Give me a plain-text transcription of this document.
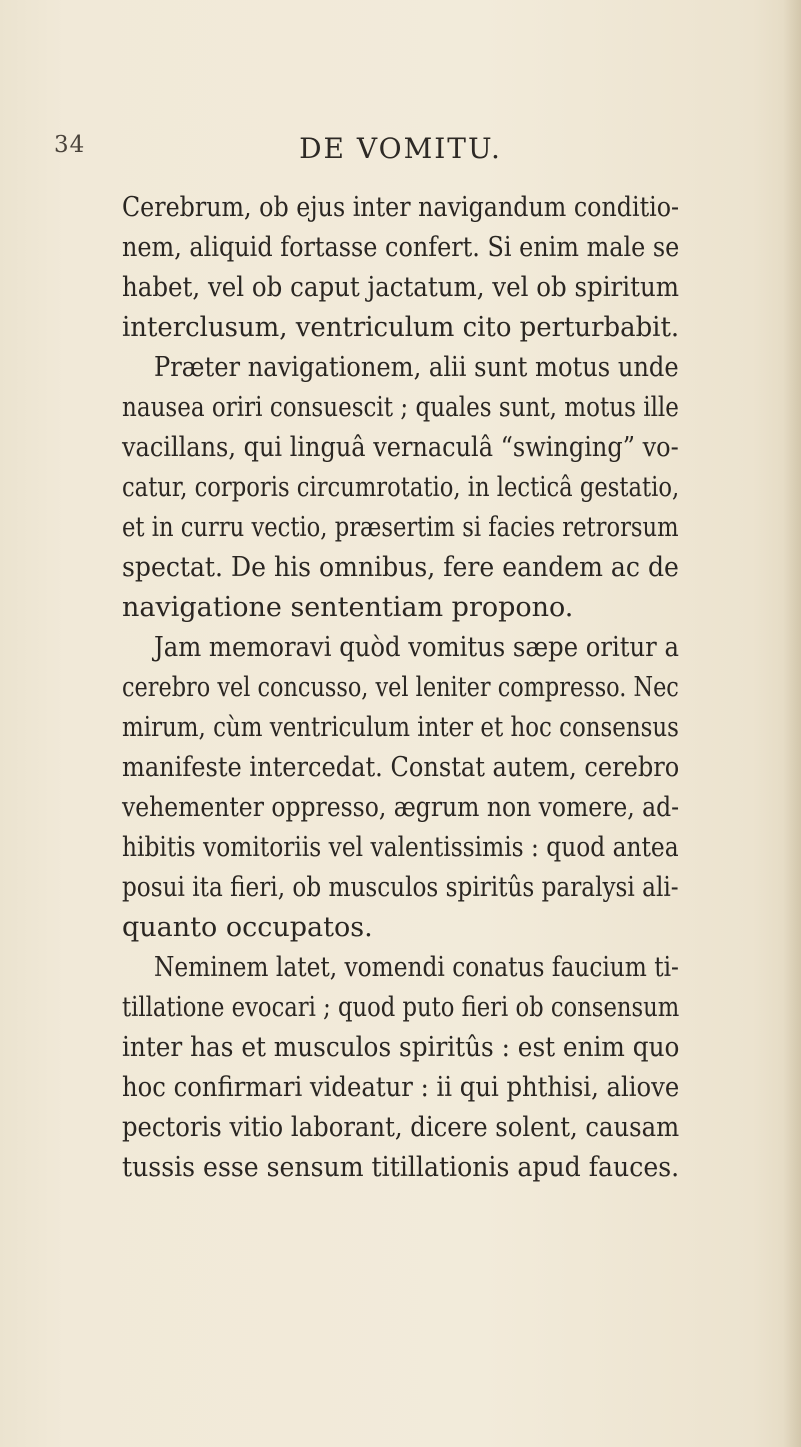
34	DE VOMITU.
Cerebrum, ob ejus inter navigandum conditio-
nem, aliquid fortasse confert. Si enim male se
habet, vel ob caput jactatum, vel ob spiritum
interclusum, ventriculum cito perturbabit.
Præter navigationem, alii sunt motus unde
nausea oriri consuescit ; quales sunt, motus ille
vacillans, qui linguâ vernaculâ “swinging” vo-
catur, corporis circumrotatio, in lecticâ gestatio,
et in curru vectio, præsertim si facies retrorsum
spectat. De his omnibus, fere eandem ac de
navigatione sententiam propono.
Jam memoravi quòd vomitus sæpe oritur a
cerebro vel concusso, vel leniter compresso. Nec
mirum, cùm ventriculum inter et hoc consensus
manifeste intercedat. Constat autem, cerebro
vehementer oppresso, ægrum non vomere, ad-
hibitis vomitoriis vel valentissimis : quod antea
posui ita fieri, ob musculos spiritûs paralysi ali-
quanto occupatos.
Neminem latet, vomendi conatus faucium ti-
tillatione evocari ; quod puto fieri ob consensum
inter has et musculos spiritûs : est enim quo
hoc confirmari videatur : ii qui phthisi, aliove
pectoris vitio laborant, dicere solent, causam
tussis esse sensum titillationis apud fauces.
